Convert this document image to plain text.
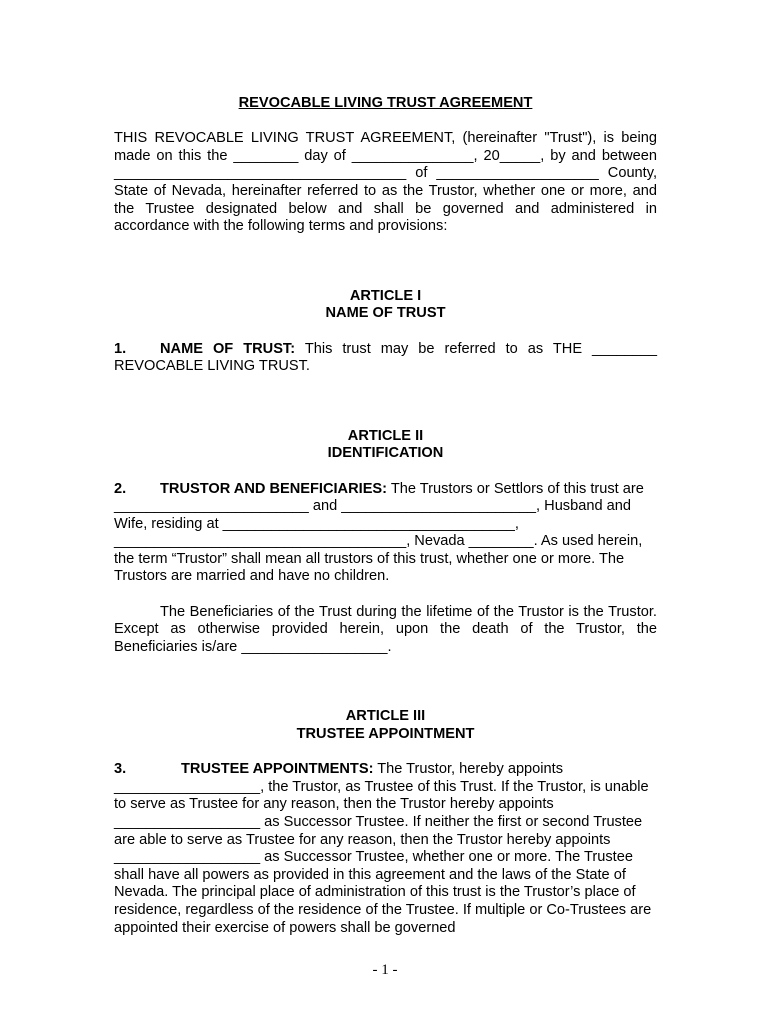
REVOCABLE LIVING TRUST AGREEMENT

THIS REVOCABLE LIVING TRUST AGREEMENT, (hereinafter "Trust"), is being made on this the ________ day of _______________, 20_____, by and between ____________________________________ of ____________________ County, State of Nevada, hereinafter referred to as the Trustor, whether one or more, and the Trustee designated below and shall be governed and administered in accordance with the following terms and provisions:

ARTICLE I

NAME OF TRUST

1. NAME OF TRUST: This trust may be referred to as THE ________ REVOCABLE LIVING TRUST.

ARTICLE II

IDENTIFICATION

2. TRUSTOR AND BENEFICIARIES: The Trustors or Settlors of this trust are ________________________ and ________________________, Husband and Wife, residing at ____________________________________, ____________________________________, Nevada ________. As used herein, the term “Trustor” shall mean all trustors of this trust, whether one or more. The Trustors are married and have no children.

The Beneficiaries of the Trust during the lifetime of the Trustor is the Trustor. Except as otherwise provided herein, upon the death of the Trustor, the Beneficiaries is/are __________________.

ARTICLE III

TRUSTEE APPOINTMENT

3.	TRUSTEE APPOINTMENTS: The Trustor, hereby appoints __________________, the Trustor, as Trustee of this Trust. If the Trustor, is unable to serve as Trustee for any reason, then the Trustor hereby appoints __________________ as Successor Trustee. If neither the first or second Trustee are able to serve as Trustee for any reason, then the Trustor hereby appoints __________________ as Successor Trustee, whether one or more. The Trustee shall have all powers as provided in this agreement and the laws of the State of Nevada. The principal place of administration of this trust is the Trustor’s place of residence, regardless of the residence of the Trustee. If multiple or Co-Trustees are appointed their exercise of powers shall be governed

- 1 -
